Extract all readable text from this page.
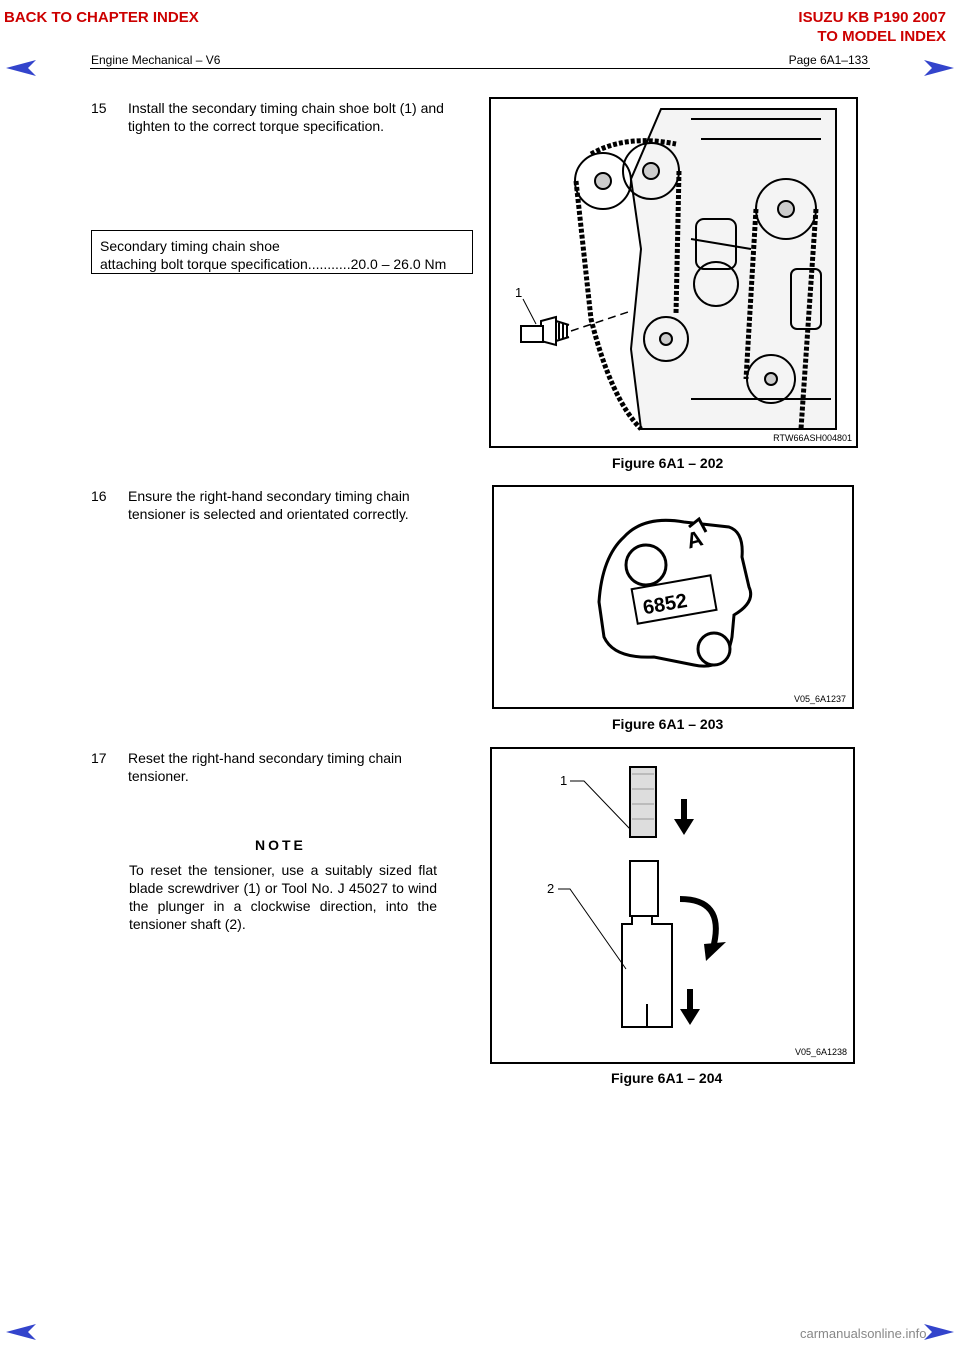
BACK TO CHAPTER INDEX	ISUZU KB P190 2007
TO MODEL INDEX
Engine Mechanical – V6	Page 6A1–133
15 Install the secondary timing chain shoe bolt (1) and
tighten to the correct torque specification.
Secondary timing chain shoe
attaching bolt torque specification...........20.0 – 26.0 Nm
1
RTW66ASH004801
Figure 6A1 – 202
16 Ensure the right-hand secondary timing chain
tensioner is selected and orientated correctly.
6852
A
V05_6A1237
Figure 6A1 – 203
17 Reset the right-hand secondary timing chain
tensioner.
NOTE
To reset the tensioner, use a suitably sized flat blade screwdriver (1) or Tool No. J 45027 to wind the plunger in a clockwise direction, into the tensioner shaft (2).
1
2
V05_6A1238
Figure 6A1 – 204
carmanualsonline.info
